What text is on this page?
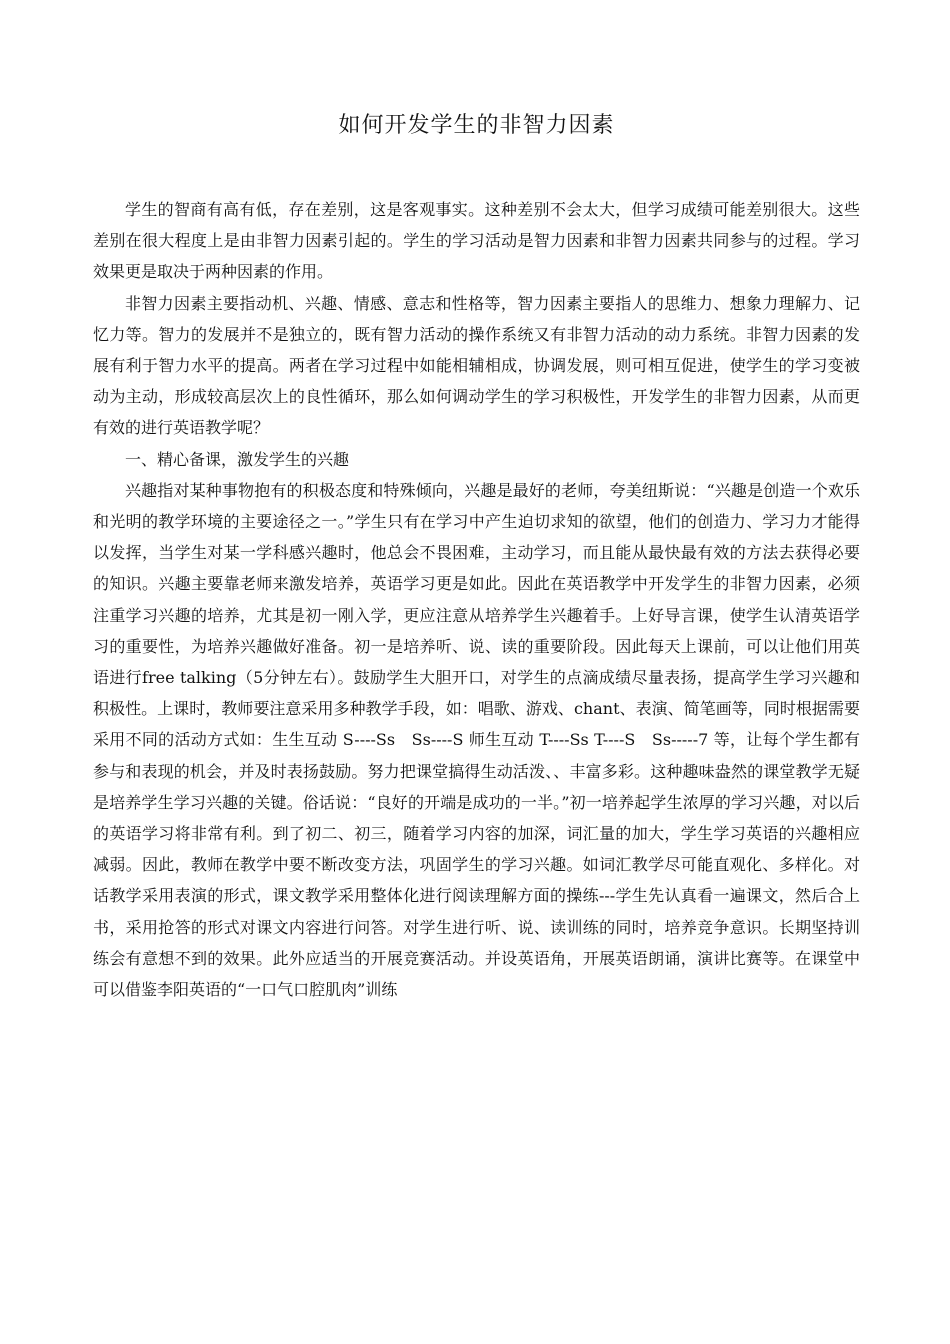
如何开发学生的非智力因素

学生的智商有高有低，存在差别，这是客观事实。这种差别不会太大，但学习成绩可能差别很大。这些差别在很大程度上是由非智力因素引起的。学生的学习活动是智力因素和非智力因素共同参与的过程。学习效果更是取决于两种因素的作用。

非智力因素主要指动机、兴趣、情感、意志和性格等，智力因素主要指人的思维力、想象力理解力、记忆力等。智力的发展并不是独立的，既有智力活动的操作系统又有非智力活动的动力系统。非智力因素的发展有利于智力水平的提高。两者在学习过程中如能相辅相成，协调发展，则可相互促进，使学生的学习变被动为主动，形成较高层次上的良性循环，那么如何调动学生的学习积极性，开发学生的非智力因素，从而更有效的进行英语教学呢？

一、精心备课，激发学生的兴趣

兴趣指对某种事物抱有的积极态度和特殊倾向，兴趣是最好的老师，夸美纽斯说：“兴趣是创造一个欢乐和光明的教学环境的主要途径之一。”学生只有在学习中产生迫切求知的欲望，他们的创造力、学习力才能得以发挥，当学生对某一学科感兴趣时，他总会不畏困难，主动学习，而且能从最快最有效的方法去获得必要的知识。兴趣主要靠老师来激发培养，英语学习更是如此。因此在英语教学中开发学生的非智力因素，必须注重学习兴趣的培养，尤其是初一刚入学，更应注意从培养学生兴趣着手。上好导言课，使学生认清英语学习的重要性，为培养兴趣做好准备。初一是培养听、说、读的重要阶段。因此每天上课前，可以让他们用英语进行free talking（5分钟左右）。鼓励学生大胆开口，对学生的点滴成绩尽量表扬，提高学生学习兴趣和积极性。上课时，教师要注意采用多种教学手段，如：唱歌、游戏、chant、表演、简笔画等，同时根据需要采用不同的活动方式如：生生互动 S----Ss　Ss----S 师生互动 T----Ss T----S　Ss-----7 等，让每个学生都有参与和表现的机会，并及时表扬鼓励。努力把课堂搞得生动活泼、、丰富多彩。这种趣味盎然的课堂教学无疑是培养学生学习兴趣的关键。俗话说：“良好的开端是成功的一半。”初一培养起学生浓厚的学习兴趣，对以后的英语学习将非常有利。到了初二、初三，随着学习内容的加深，词汇量的加大，学生学习英语的兴趣相应减弱。因此，教师在教学中要不断改变方法，巩固学生的学习兴趣。如词汇教学尽可能直观化、多样化。对话教学采用表演的形式，课文教学采用整体化进行阅读理解方面的操练---学生先认真看一遍课文，然后合上书，采用抢答的形式对课文内容进行问答。对学生进行听、说、读训练的同时，培养竞争意识。长期坚持训练会有意想不到的效果。此外应适当的开展竞赛活动。并设英语角，开展英语朗诵，演讲比赛等。在课堂中可以借鉴李阳英语的“一口气口腔肌肉”训练
